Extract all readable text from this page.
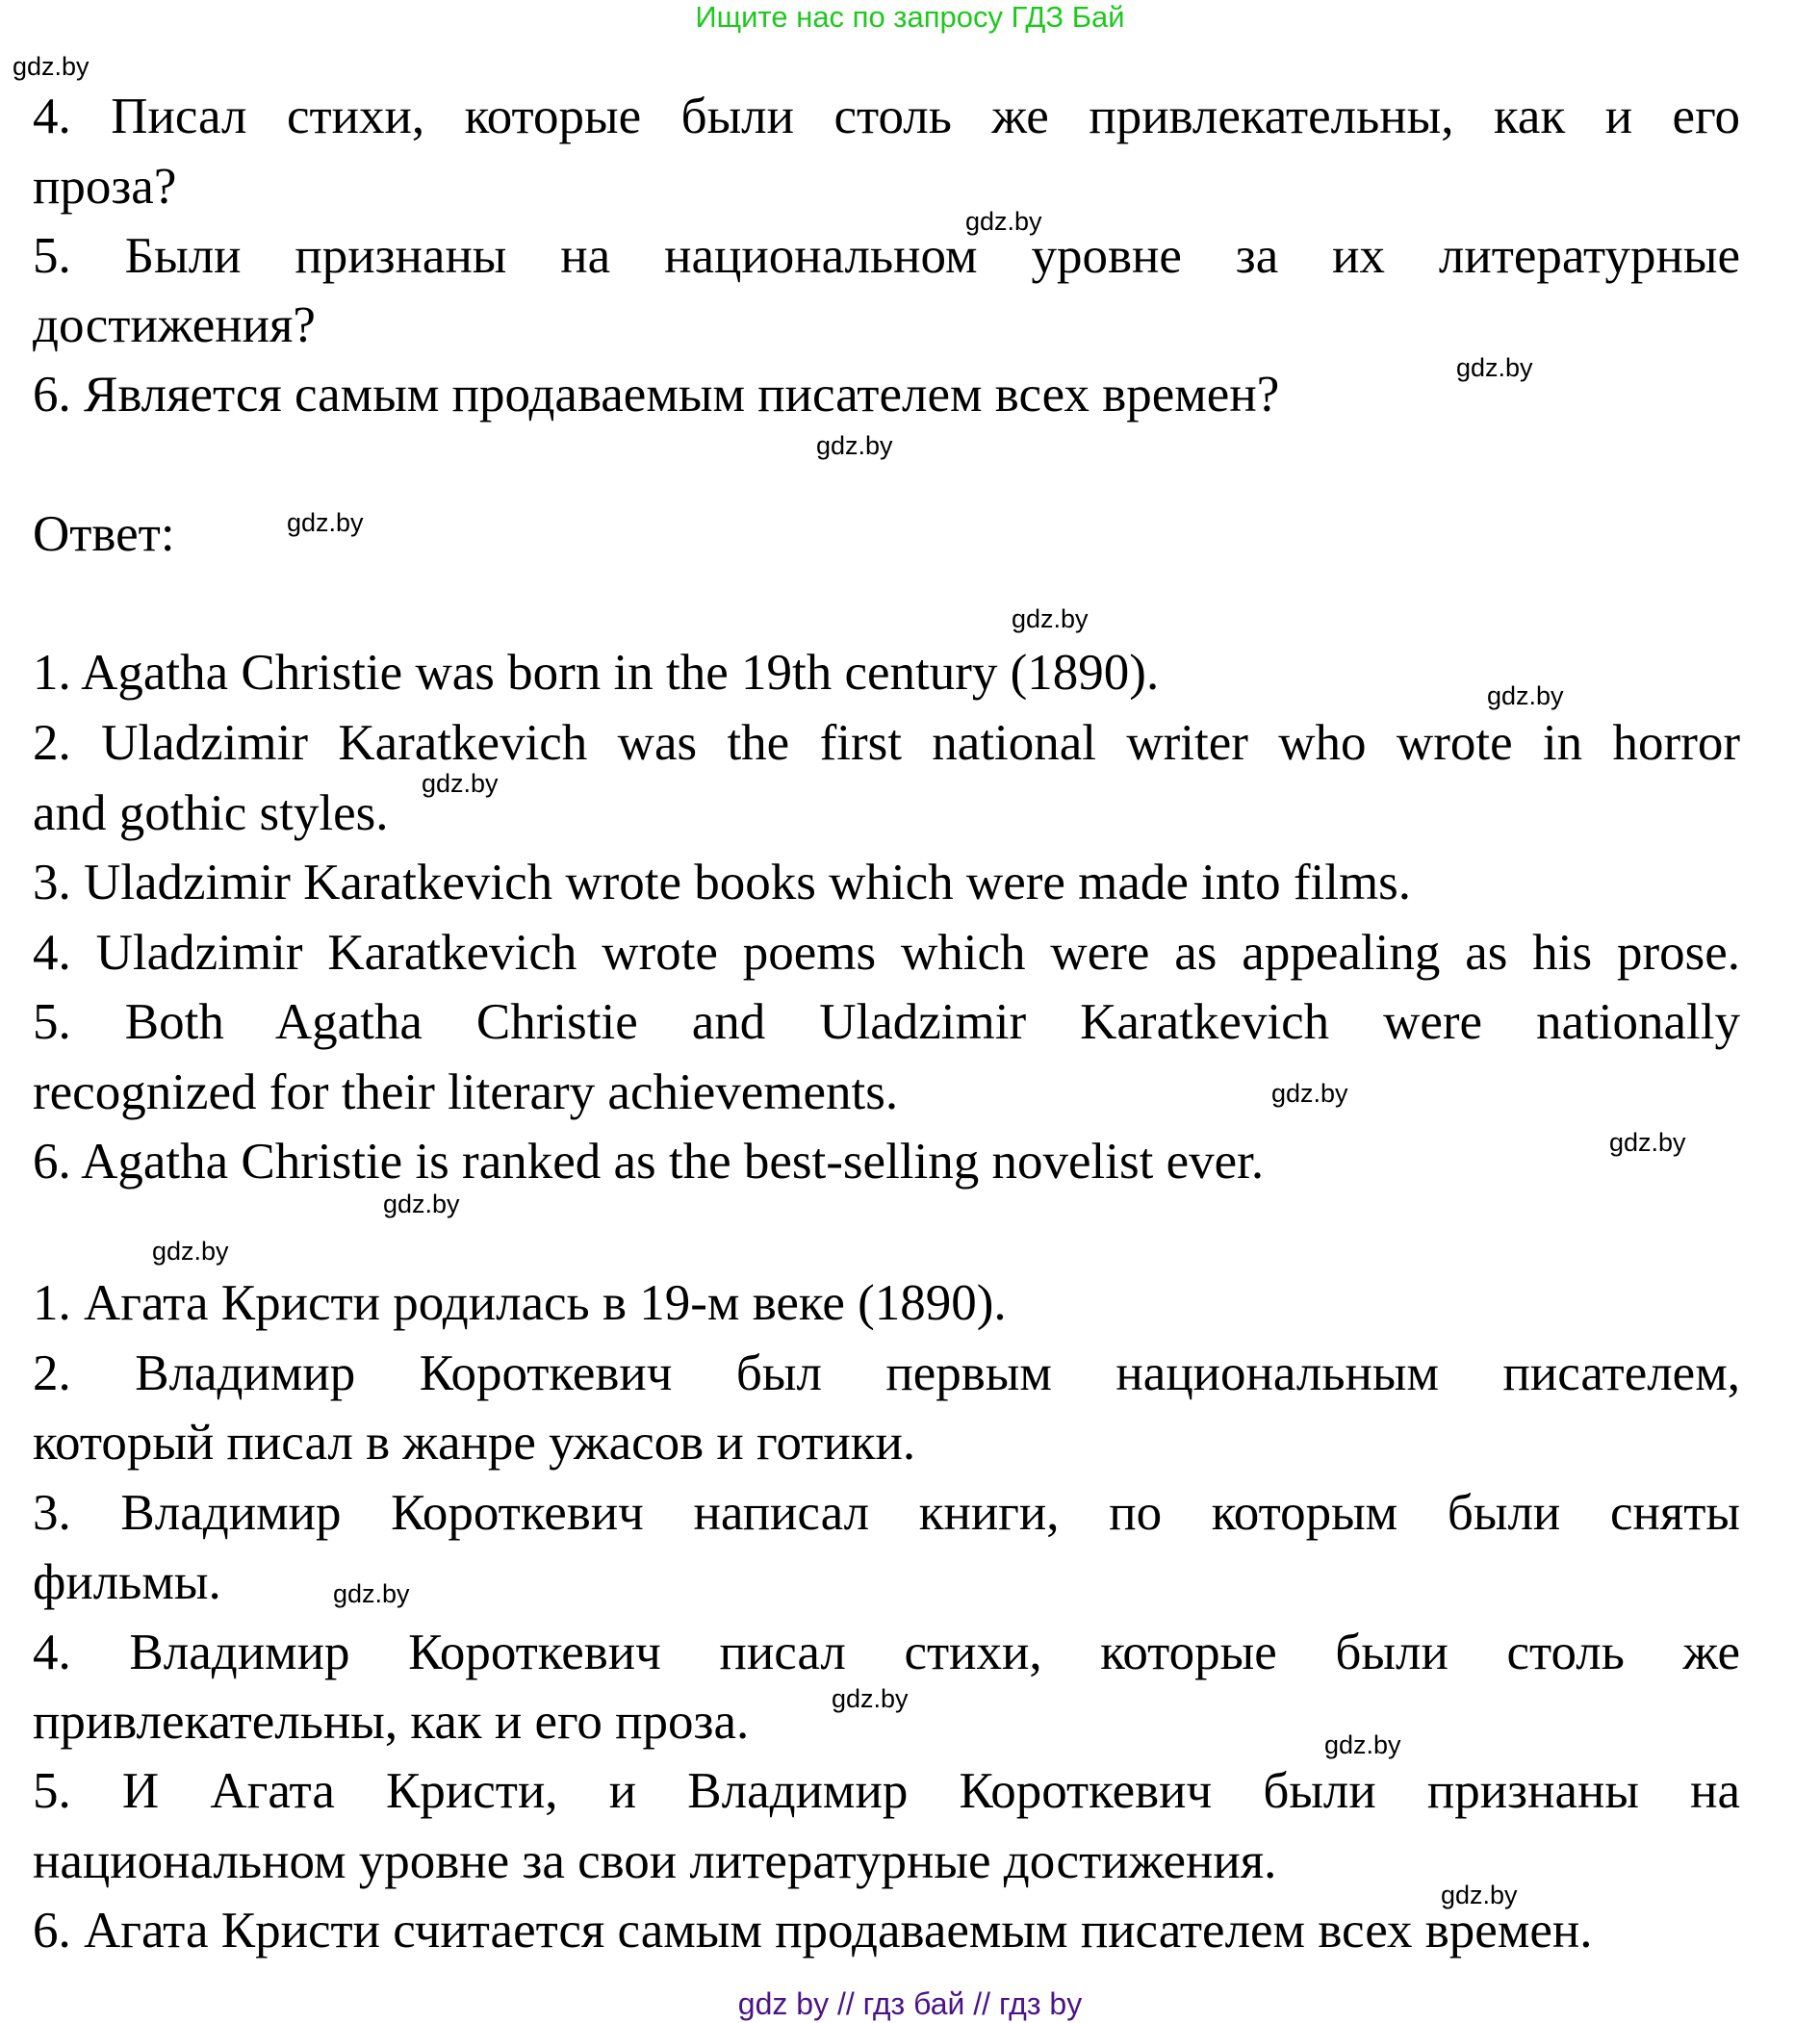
Ищите нас по запросу ГДЗ Бай
4. Писал стихи, которые были столь же привлекательны, как и его
проза?
5. Были признаны на национальном уровне за их литературные
достижения?
6. Является самым продаваемым писателем всех времен?
Ответ:
1. Agatha Christie was born in the 19th century (1890).
2. Uladzimir Karatkevich was the first national writer who wrote in horror
and gothic styles.
3. Uladzimir Karatkevich wrote books which were made into films.
4. Uladzimir Karatkevich wrote poems which were as appealing as his prose.
5. Both Agatha Christie and Uladzimir Karatkevich were nationally
recognized for their literary achievements.
6. Agatha Christie is ranked as the best-selling novelist ever.
1. Агата Кристи родилась в 19-м веке (1890).
2. Владимир Короткевич был первым национальным писателем,
который писал в жанре ужасов и готики.
3. Владимир Короткевич написал книги, по которым были сняты
фильмы.
4. Владимир Короткевич писал стихи, которые были столь же
привлекательны, как и его проза.
5. И Агата Кристи, и Владимир Короткевич были признаны на
национальном уровне за свои литературные достижения.
6. Агата Кристи считается самым продаваемым писателем всех времен.
gdz.by
gdz.by
gdz.by
gdz.by
gdz.by
gdz.by
gdz.by
gdz.by
gdz.by
gdz.by
gdz.by
gdz.by
gdz.by
gdz.by
gdz.by
gdz.by
gdz by // гдз бай // гдз by
